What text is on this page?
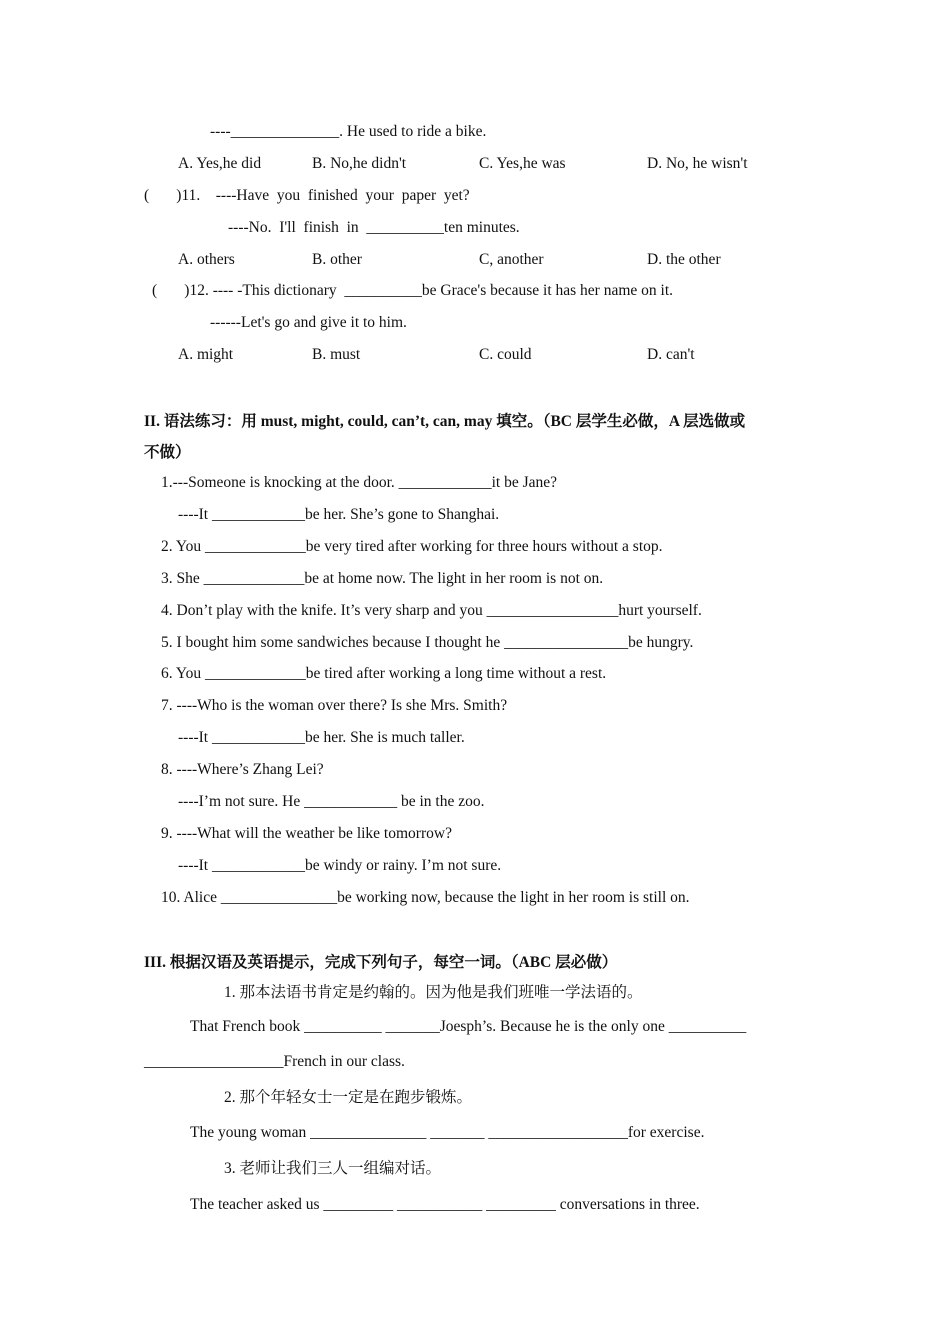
----______________. He used to ride a bike.
A. Yes,he did	B. No,he didn't	C. Yes,he was	D. No, he wisn't
(       )11.    ----Have  you  finished  your  paper  yet?
----No.  I'll  finish  in  __________ten minutes.
A. others	B. other	C, another	D. the other
(       )12. ---- -This dictionary  __________be Grace's because it has her name on it.
------Let's go and give it to him.
A. might	B. must	C. could	D. can't
II. 语法练习：用 must, might, could, can’t, can, may 填空。（BC 层学生必做，A 层选做或
不做）
1.---Someone is knocking at the door. ____________it be Jane?
----It ____________be her. She’s gone to Shanghai.
2. You _____________be very tired after working for three hours without a stop.
3. She _____________be at home now. The light in her room is not on.
4. Don’t play with the knife. It’s very sharp and you _________________hurt yourself.
5. I bought him some sandwiches because I thought he ________________be hungry.
6. You _____________be tired after working a long time without a rest.
7. ----Who is the woman over there? Is she Mrs. Smith?
----It ____________be her. She is much taller.
8. ----Where’s Zhang Lei?
----I’m not sure. He ____________ be in the zoo.
9. ----What will the weather be like tomorrow?
----It ____________be windy or rainy. I’m not sure.
10. Alice _______________be working now, because the light in her room is still on.
III. 根据汉语及英语提示，完成下列句子，每空一词。（ABC 层必做）
1. 那本法语书肯定是约翰的。因为他是我们班唯一学法语的。
That French book __________ _______Joesph’s. Because he is the only one __________
__________________French in our class.
2. 那个年轻女士一定是在跑步锻炼。
The young woman _______________ _______ __________________for exercise.
3. 老师让我们三人一组编对话。
The teacher asked us _________ ___________ _________ conversations in three.
